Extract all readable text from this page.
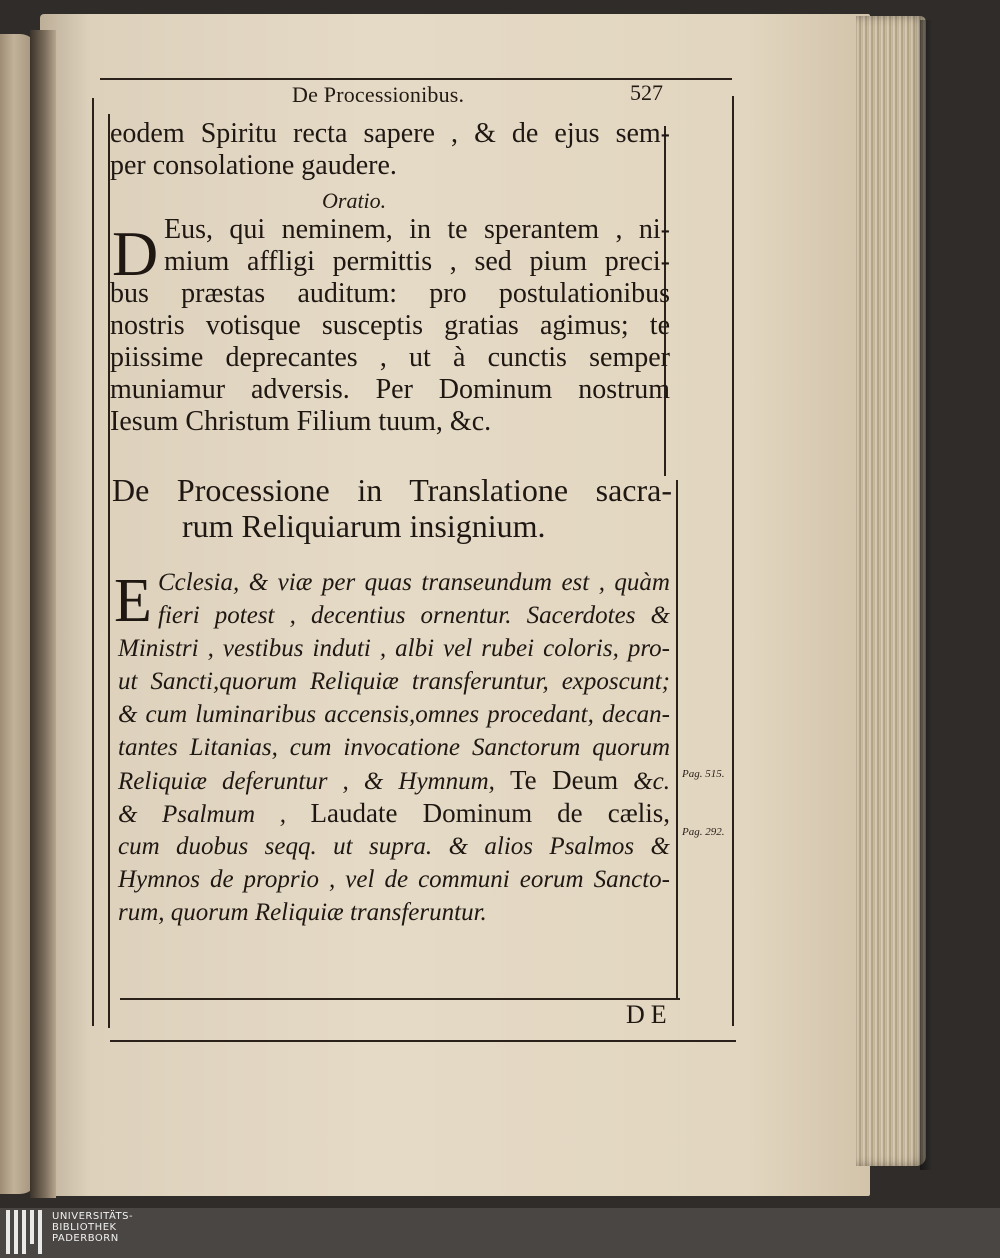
De Processionibus.	527
eodem Spiritu recta sapere , & de ejus sem-
per consolatione gaudere.
Oratio.
D Eus, qui neminem, in te sperantem , ni-
mium affligi permittis , sed pium preci-
bus præstas auditum: pro postulationibus
nostris votisque susceptis gratias agimus; te
piissime deprecantes , ut à cunctis semper
muniamur adversis. Per Dominum nostrum
Iesum Christum Filium tuum, &c.
De Processione in Translatione sacra-
rum Reliquiarum insignium.
E Cclesia, & viæ per quas transeundum est , quàm
fieri potest , decentius ornentur. Sacerdotes &
Ministri , vestibus induti , albi vel rubei coloris, pro-
ut Sancti,quorum Reliquiæ transferuntur, exposcunt;
& cum luminaribus accensis,omnes procedant, decan-
tantes Litanias, cum invocatione Sanctorum quorum
Reliquiæ deferuntur , & Hymnum, Te Deum &c.
& Psalmum , Laudate Dominum de cælis,
cum duobus seqq. ut supra. & alios Psalmos &
Hymnos de proprio , vel de communi eorum Sancto-
rum, quorum Reliquiæ transferuntur.
Pag. 515.
Pag. 292.
DE
UNIVERSITÄTS-
BIBLIOTHEK
PADERBORN
